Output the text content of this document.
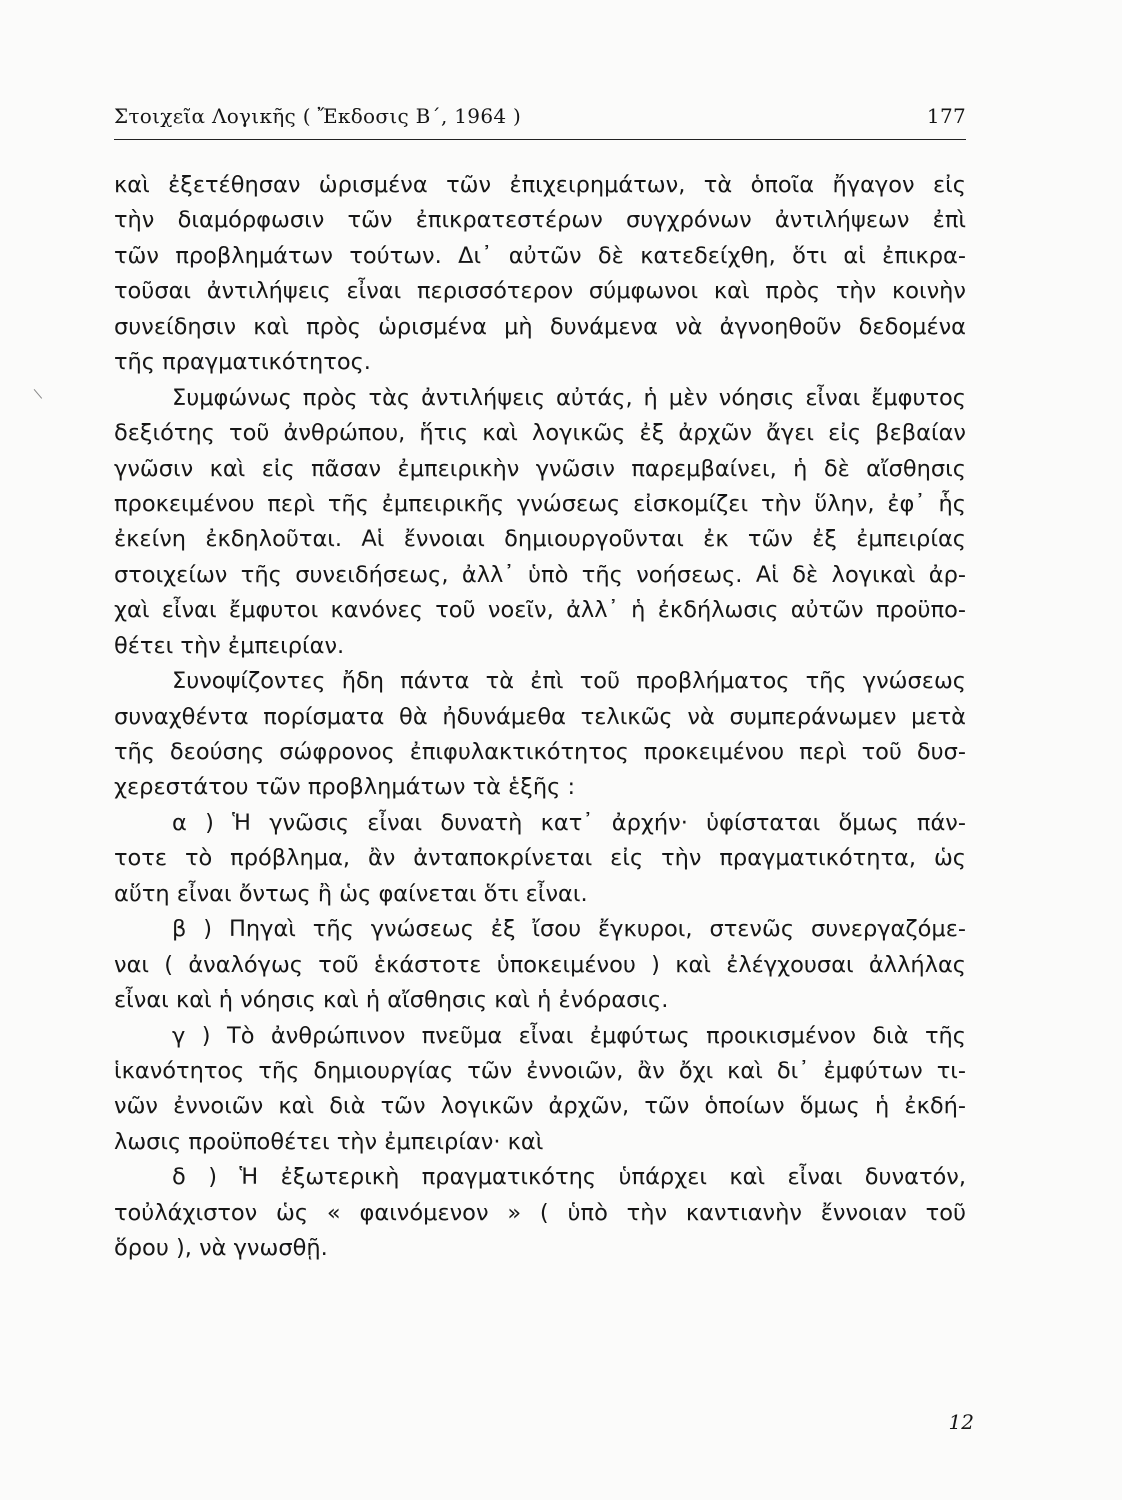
Στοιχεῖα Λογικῆς ( Ἔκδοσις Β΄, 1964 )	177
καὶ ἐξετέθησαν ὡρισμένα τῶν ἐπιχειρημάτων, τὰ ὁποῖα ἤγαγον εἰς
τὴν διαμόρφωσιν τῶν ἐπικρατεστέρων συγχρόνων ἀντιλήψεων ἐπὶ
τῶν προβλημάτων τούτων. Δι᾽ αὐτῶν δὲ κατεδείχθη, ὅτι αἱ ἐπικρα-
τοῦσαι ἀντιλήψεις εἶναι περισσότερον σύμφωνοι καὶ πρὸς τὴν κοινὴν
συνείδησιν καὶ πρὸς ὡρισμένα μὴ δυνάμενα νὰ ἀγνοηθοῦν δεδομένα
τῆς πραγματικότητος.
Συμφώνως πρὸς τὰς ἀντιλήψεις αὐτάς, ἡ μὲν νόησις εἶναι ἔμφυτος
δεξιότης τοῦ ἀνθρώπου, ἥτις καὶ λογικῶς ἐξ ἀρχῶν ἄγει εἰς βεβαίαν
γνῶσιν καὶ εἰς πᾶσαν ἐμπειρικὴν γνῶσιν παρεμβαίνει, ἡ δὲ αἴσθησις
προκειμένου περὶ τῆς ἐμπειρικῆς γνώσεως εἰσκομίζει τὴν ὕλην, ἐφ᾽ ἧς
ἐκείνη ἐκδηλοῦται. Αἱ ἔννοιαι δημιουργοῦνται ἐκ τῶν ἐξ ἐμπειρίας
στοιχείων τῆς συνειδήσεως, ἀλλ᾽ ὑπὸ τῆς νοήσεως. Αἱ δὲ λογικαὶ ἀρ-
χαὶ εἶναι ἔμφυτοι κανόνες τοῦ νοεῖν, ἀλλ᾽ ἡ ἐκδήλωσις αὐτῶν προϋπο-
θέτει τὴν ἐμπειρίαν.
Συνοψίζοντες ἤδη πάντα τὰ ἐπὶ τοῦ προβλήματος τῆς γνώσεως
συναχθέντα πορίσματα θὰ ἠδυνάμεθα τελικῶς νὰ συμπεράνωμεν μετὰ
τῆς δεούσης σώφρονος ἐπιφυλακτικότητος προκειμένου περὶ τοῦ δυσ-
χερεστάτου τῶν προβλημάτων τὰ ἑξῆς :
α ) Ἡ γνῶσις εἶναι δυνατὴ κατ᾽ ἀρχήν· ὑφίσταται ὅμως πάν-
τοτε τὸ πρόβλημα, ἂν ἀνταποκρίνεται εἰς τὴν πραγματικότητα, ὡς
αὕτη εἶναι ὄντως ἢ ὡς φαίνεται ὅτι εἶναι.
β ) Πηγαὶ τῆς γνώσεως ἐξ ἴσου ἔγκυροι, στενῶς συνεργαζόμε-
ναι ( ἀναλόγως τοῦ ἑκάστοτε ὑποκειμένου ) καὶ ἐλέγχουσαι ἀλλήλας
εἶναι καὶ ἡ νόησις καὶ ἡ αἴσθησις καὶ ἡ ἐνόρασις.
γ ) Τὸ ἀνθρώπινον πνεῦμα εἶναι ἐμφύτως προικισμένον διὰ τῆς
ἱκανότητος τῆς δημιουργίας τῶν ἐννοιῶν, ἂν ὄχι καὶ δι᾽ ἐμφύτων τι-
νῶν ἐννοιῶν καὶ διὰ τῶν λογικῶν ἀρχῶν, τῶν ὁποίων ὅμως ἡ ἐκδή-
λωσις προϋποθέτει τὴν ἐμπειρίαν· καὶ
δ ) Ἡ ἐξωτερικὴ πραγματικότης ὑπάρχει καὶ εἶναι δυνατόν,
τοὐλάχιστον ὡς « φαινόμενον » ( ὑπὸ τὴν καντιανὴν ἔννοιαν τοῦ
ὅρου ), νὰ γνωσθῇ.
12
